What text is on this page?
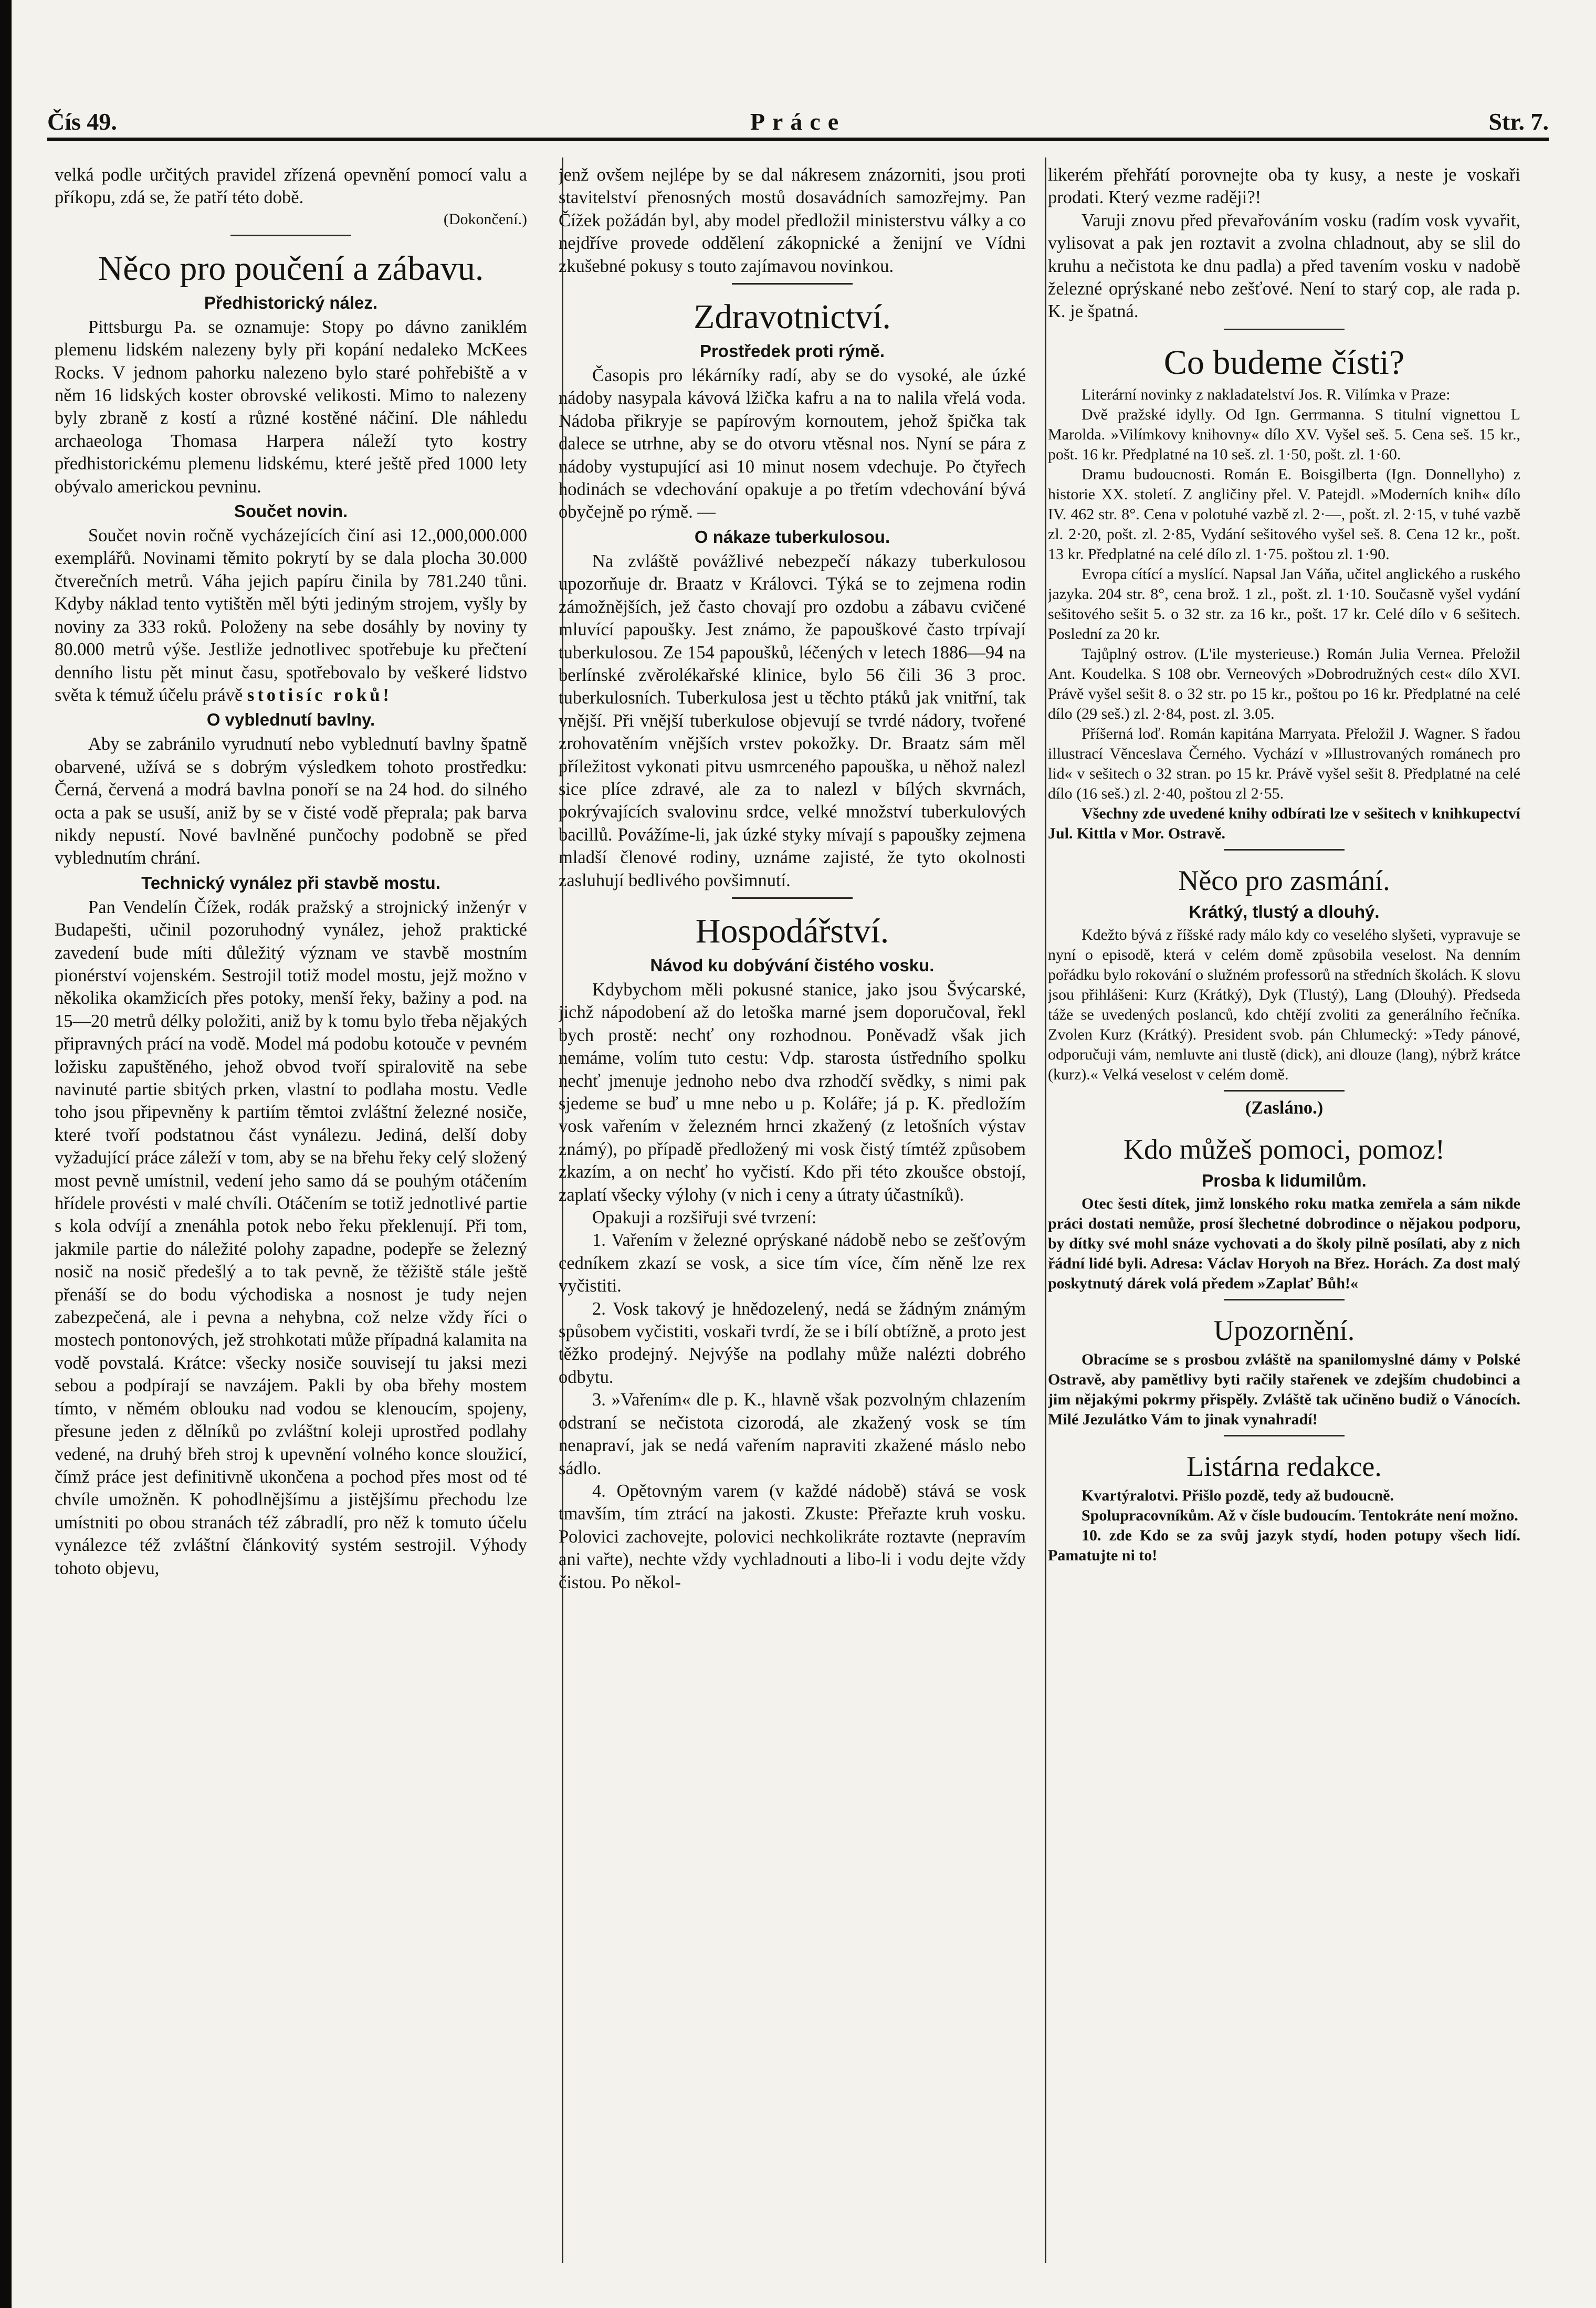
Čís 49.	Práce	Str. 7.

velká podle určitých pravidel zřízená opevnění pomocí valu a příkopu, zdá se, že patří této době.

(Dokončení.)
Něco pro poučení a zábavu.
Předhistorický nález.

Pittsburgu Pa. se oznamuje: Stopy po dávno zaniklém plemenu lidském nalezeny byly při kopání nedaleko McKees Rocks. V jednom pahorku nalezeno bylo staré pohřebiště a v něm 16 lidských koster obrovské velikosti. Mimo to nalezeny byly zbraně z kostí a různé kostěné náčiní. Dle náhledu archaeologa Thomasa Harpera náleží tyto kostry předhistorickému plemenu lidskému, které ještě před 1000 lety obývalo americkou pevninu.

Součet novin.

Součet novin ročně vycházejících činí asi 12.,000,000.000 exemplářů. Novinami těmito pokrytí by se dala plocha 30.000 čtverečních metrů. Váha jejich papíru činila by 781.240 tůni. Kdyby náklad tento vytištěn měl býti jediným strojem, vyšly by noviny za 333 roků. Položeny na sebe dosáhly by noviny ty 80.000 metrů výše. Jestliže jednotlivec spotřebuje ku přečtení denního listu pět minut času, spotřebovalo by veškeré lidstvo světa k témuž účelu právě stotisíc roků!

O vyblednutí bavlny.

Aby se zabránilo vyrudnutí nebo vyblednutí bavlny špatně obarvené, užívá se s dobrým výsledkem tohoto prostředku: Černá, červená a modrá bavlna ponoří se na 24 hod. do silného octa a pak se usuší, aniž by se v čisté vodě přeprala; pak barva nikdy nepustí. Nové bavlněné punčochy podobně se před vyblednutím chrání.

Technický vynález při stavbě mostu.

Pan Vendelín Čížek, rodák pražský a strojnický inženýr v Budapešti, učinil pozoruhodný vynález, jehož praktické zavedení bude míti důležitý význam ve stavbě mostním pionérství vojenském. Sestrojil totiž model mostu, jejž možno v několika okamžicích přes potoky, menší řeky, bažiny a pod. na 15—20 metrů délky položiti, aniž by k tomu bylo třeba nějakých připravných prácí na vodě. Model má podobu kotouče v pevném ložisku zapuštěného, jehož obvod tvoří spiralovitě na sebe navinuté partie sbitých prken, vlastní to podlaha mostu. Vedle toho jsou připevněny k partiím těmtoi zvláštní železné nosiče, které tvoří podstatnou část vynálezu. Jediná, delší doby vyžadující práce záleží v tom, aby se na břehu řeky celý složený most pevně umístnil, vedení jeho samo dá se pouhým otáčením hřídele provésti v malé chvíli. Otáčením se totiž jednotlivé partie s kola odvíjí a znenáhla potok nebo řeku překlenují. Při tom, jakmile partie do náležité polohy zapadne, podepře se železný nosič na nosič předešlý a to tak pevně, že těžiště stále ještě přenáší se do bodu východiska a nosnost je tudy nejen zabezpečená, ale i pevna a nehybna, což nelze vždy říci o mostech pontonových, jež strohkotati může případná kalamita na vodě povstalá. Krátce: všecky nosiče souvisejí tu jaksi mezi sebou a podpírají se navzájem. Pakli by oba břehy mostem tímto, v němém oblouku nad vodou se klenoucím, spojeny, přesune jeden z dělníků po zvláštní koleji uprostřed podlahy vedené, na druhý břeh stroj k upevnění volného konce sloužicí, čímž práce jest definitivně ukončena a pochod přes most od té chvíle umožněn. K pohodlnějšímu a jistějšímu přechodu lze umístniti po obou stranách též zábradlí, pro něž k tomuto účelu vynálezce též zvláštní článkovitý systém sestrojil. Výhody tohoto objevu,

jenž ovšem nejlépe by se dal nákresem znázorniti, jsou proti stavitelství přenosných mostů dosavádních samozřejmy. Pan Čížek požádán byl, aby model předložil ministerstvu války a co nejdříve provede oddělení zákopnické a ženijní ve Vídni zkušebné pokusy s touto zajímavou novinkou.

Zdravotnictví.
Prostředek proti rýmě.

Časopis pro lékárníky radí, aby se do vysoké, ale úzké nádoby nasypala kávová lžička kafru a na to nalila vřelá voda. Nádoba přikryje se papírovým kornoutem, jehož špička tak dalece se utrhne, aby se do otvoru vtěsnal nos. Nyní se pára z nádoby vystupující asi 10 minut nosem vdechuje. Po čtyřech hodinách se vdechování opakuje a po třetím vdechování bývá obyčejně po rýmě. —

O nákaze tuberkulosou.

Na zvláště povážlivé nebezpečí nákazy tuberkulosou upozorňuje dr. Braatz v Královci. Týká se to zejmena rodin zámožnějších, jež často chovají pro ozdobu a zábavu cvičené mluvící papoušky. Jest známo, že papouškové často trpívají tuberkulosou. Ze 154 papoušků, léčených v letech 1886—94 na berlínské zvěrolékařské klinice, bylo 56 čili 36 3 proc. tuberkulosních. Tuberkulosa jest u těchto ptáků jak vnitřní, tak vnější. Při vnější tuberkulose objevují se tvrdé nádory, tvořené zrohovatěním vnějších vrstev pokožky. Dr. Braatz sám měl příležitost vykonati pitvu usmrceného papouška, u něhož nalezl sice plíce zdravé, ale za to nalezl v bílých skvrnách, pokrývajících svalovinu srdce, velké množství tuberkulových bacillů. Povážíme-li, jak úzké styky mívají s papoušky zejmena mladší členové rodiny, uznáme zajisté, že tyto okolnosti zasluhují bedlivého povšimnutí.

Hospodářství.
Návod ku dobývání čistého vosku.

Kdybychom měli pokusné stanice, jako jsou Švýcarské, jichž nápodobení až do letoška marné jsem doporučoval, řekl bych prostě: nechť ony rozhodnou. Poněvadž však jich nemáme, volím tuto cestu: Vdp. starosta ústředního spolku nechť jmenuje jednoho nebo dva rzhodčí svědky, s nimi pak sjedeme se buď u mne nebo u p. Koláře; já p. K. předložím vosk vařením v železném hrnci zkažený (z letošních výstav známý), po případě předložený mi vosk čistý tímtéž způsobem zkazím, a on nechť ho vyčistí. Kdo při této zkoušce obstojí, zaplatí všecky výlohy (v nich i ceny a útraty účastníků).

Opakuji a rozšiřuji své tvrzení:

1. Vařením v železné oprýskané nádobě nebo se zešťovým cedníkem zkazí se vosk, a sice tím více, čím něně lze rex vyčistiti.

2. Vosk takový je hnědozelený, nedá se žádným známým spůsobem vyčistiti, voskaři tvrdí, že se i bílí obtížně, a proto jest těžko prodejný. Nejvýše na podlahy může nalézti dobrého odbytu.

3. »Vařením« dle p. K., hlavně však pozvolným chlazením odstraní se nečistota cizorodá, ale zkažený vosk se tím nenapraví, jak se nedá vařením napraviti zkažené máslo nebo sádlo.

4. Opětovným varem (v každé nádobě) stává se vosk tmavším, tím ztrácí na jakosti. Zkuste: Přeřazte kruh vosku. Polovici zachovejte, polovici nechkolikráte roztavte (nepravím ani vařte), nechte vždy vychladnouti a libo-li i vodu dejte vždy čistou. Po někol-

likerém přehřátí porovnejte oba ty kusy, a neste je voskaři prodati. Který vezme raději?!

Varuji znovu před převařováním vosku (radím vosk vyvařit, vylisovat a pak jen roztavit a zvolna chladnout, aby se slil do kruhu a nečistota ke dnu padla) a před tavením vosku v nadobě železné oprýskané nebo zešťové. Není to starý cop, ale rada p. K. je špatná.

Co budeme čísti?

Literární novinky z nakladatelství Jos. R. Vilímka v Praze:

Dvě pražské idylly. Od Ign. Gerrmanna. S titulní vignettou L Marolda. »Vilímkovy knihovny« dílo XV. Vyšel seš. 5. Cena seš. 15 kr., pošt. 16 kr. Předplatné na 10 seš. zl. 1·50, pošt. zl. 1·60.

Dramu budoucnosti. Román E. Boisgilberta (Ign. Donnellyho) z historie XX. století. Z angličiny přel. V. Patejdl. »Moderních knih« dílo IV. 462 str. 8°. Cena v polotuhé vazbě zl. 2·—, pošt. zl. 2·15, v tuhé vazbě zl. 2·20, pošt. zl. 2·85, Vydání sešitového vyšel seš. 8. Cena 12 kr., pošt. 13 kr. Předplatné na celé dílo zl. 1·75. poštou zl. 1·90.

Evropa cítící a myslící. Napsal Jan Váňa, učitel anglického a ruského jazyka. 204 str. 8°, cena brož. 1 zl., pošt. zl. 1·10. Současně vyšel vydání sešitového sešit 5. o 32 str. za 16 kr., pošt. 17 kr. Celé dílo v 6 sešitech. Poslední za 20 kr.

Tajůplný ostrov. (L'ile mysterieuse.) Román Julia Vernea. Přeložil Ant. Koudelka. S 108 obr. Verneových »Dobrodružných cest« dílo XVI. Právě vyšel sešit 8. o 32 str. po 15 kr., poštou po 16 kr. Předplatné na celé dílo (29 seš.) zl. 2·84, post. zl. 3.05.

Příšerná loď. Román kapitána Marryata. Přeložil J. Wagner. S řadou illustrací Věnceslava Černého. Vychází v »Illustrovaných románech pro lid« v sešitech o 32 stran. po 15 kr. Právě vyšel sešit 8. Předplatné na celé dílo (16 seš.) zl. 2·40, poštou zl 2·55.

Všechny zde uvedené knihy odbírati lze v sešitech v knihkupectví Jul. Kittla v Mor. Ostravě.

Něco pro zasmání.
Krátký, tlustý a dlouhý.

Kdežto bývá z říšské rady málo kdy co veselého slyšeti, vypravuje se nyní o episodě, která v celém domě způsobila veselost. Na denním pořádku bylo rokování o služném professorů na středních školách. K slovu jsou přihlášeni: Kurz (Krátký), Dyk (Tlustý), Lang (Dlouhý). Předseda táže se uvedených poslanců, kdo chtějí zvoliti za generálního řečníka. Zvolen Kurz (Krátký). President svob. pán Chlumecký: »Tedy pánové, odporučuji vám, nemluvte ani tlustě (dick), ani dlouze (lang), nýbrž krátce (kurz).« Velká veselost v celém domě.

(Zasláno.)
Kdo můžeš pomoci, pomoz!
Prosba k lidumilům.

Otec šesti dítek, jimž lonského roku matka zemřela a sám nikde práci dostati nemůže, prosí šlechetné dobrodince o nějakou podporu, by dítky své mohl snáze vychovati a do školy pilně posílati, aby z nich řádní lidé byli. Adresa: Václav Horyoh na Břez. Horách. Za dost malý poskytnutý dárek volá předem »Zaplať Bůh!«

Upozornění.

Obracíme se s prosbou zvláště na spanilomyslné dámy v Polské Ostravě, aby pamětlivy byti račily stařenek ve zdejším chudobinci a jim nějakými pokrmy přispěly. Zvláště tak učiněno budiž o Vánocích. Milé Jezulátko Vám to jinak vynahradí!

Listárna redakce.

Kvartýralotvi. Přišlo pozdě, tedy až budoucně.

Spolupracovníkům. Až v čísle budoucím. Tentokráte není možno.

10. zde Kdo se za svůj jazyk stydí, hoden potupy všech lidí. Pamatujte ni to!
